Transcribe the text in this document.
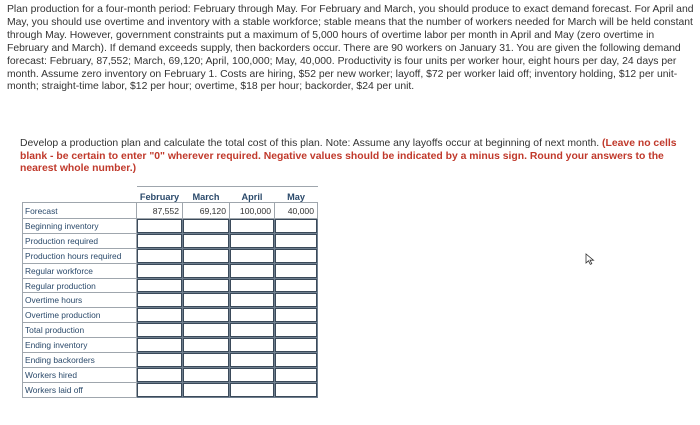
Plan production for a four-month period: February through May. For February and March, you should produce to exact demand forecast. For April and May, you should use overtime and inventory with a stable workforce; stable means that the number of workers needed for March will be held constant through May. However, government constraints put a maximum of 5,000 hours of overtime labor per month in April and May (zero overtime in February and March). If demand exceeds supply, then backorders occur. There are 90 workers on January 31. You are given the following demand forecast: February, 87,552; March, 69,120; April, 100,000; May, 40,000. Productivity is four units per worker hour, eight hours per day, 24 days per month. Assume zero inventory on February 1. Costs are hiring, $52 per new worker; layoff, $72 per worker laid off; inventory holding, $12 per unit-month; straight-time labor, $12 per hour; overtime, $18 per hour; backorder, $24 per unit.

Develop a production plan and calculate the total cost of this plan. Note: Assume any layoffs occur at beginning of next month. (Leave no cells blank - be certain to enter "0" wherever required. Negative values should be indicated by a minus sign. Round your answers to the nearest whole number.)
	February	March	April	May
Forecast	87,552	69,120	100,000	40,000
Beginning inventory	

Production required	

Production hours required	

Regular workforce	

Regular production	

Overtime hours	

Overtime production	

Total production	

Ending inventory	

Ending backorders	

Workers hired	

Workers laid off	
